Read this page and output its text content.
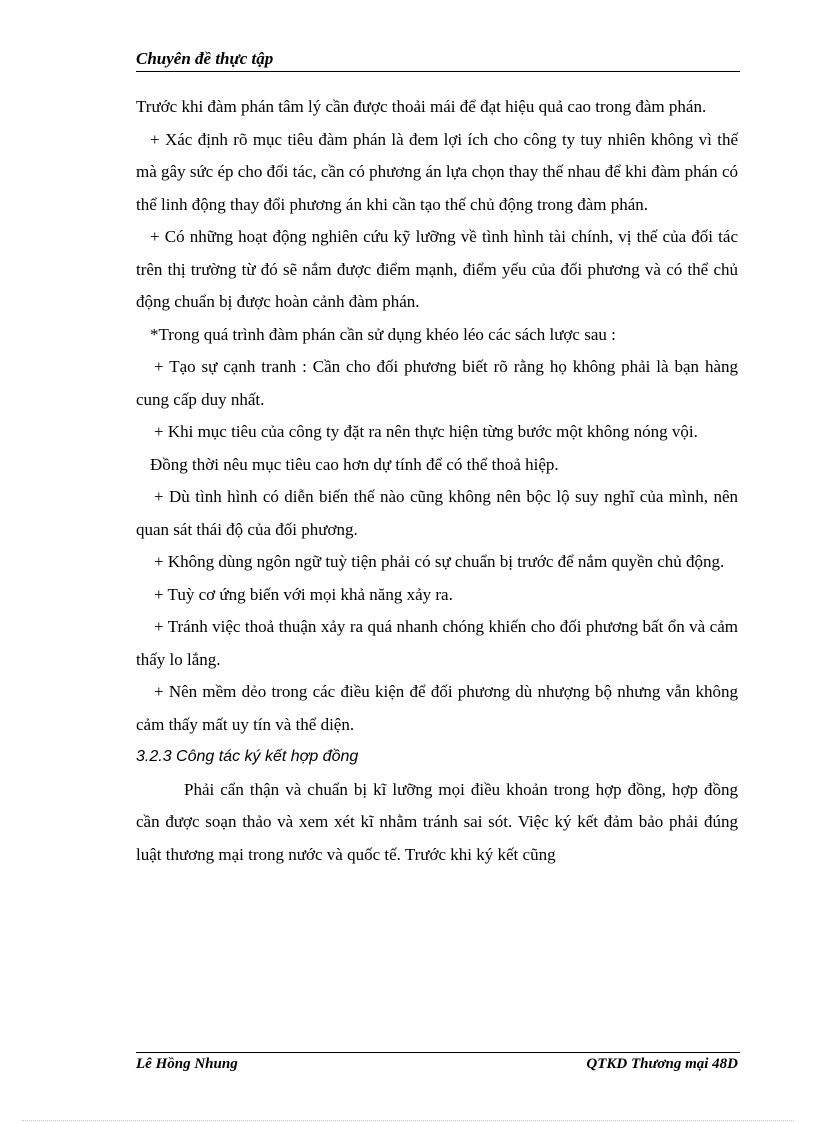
Chuyên đề thực tập

Trước khi đàm phán tâm lý cần được thoải mái để đạt hiệu quả cao trong đàm phán.

+ Xác định rõ mục tiêu đàm phán là đem lợi ích cho công ty tuy nhiên không vì thế mà gây sức ép cho đối tác, cần có phương án lựa chọn thay thế nhau để khi đàm phán có thể linh động thay đổi phương án khi cần tạo thế chủ động trong đàm phán.

+ Có những hoạt động nghiên cứu kỹ lưỡng về tình hình tài chính, vị thế của đối tác trên thị trường từ đó sẽ nắm được điểm mạnh, điểm yếu của đối phương và có thể chủ động chuẩn bị được hoàn cảnh đàm phán.

*Trong quá trình đàm phán cần sử dụng khéo léo các sách lược sau :

+ Tạo sự cạnh tranh : Cần cho đối phương biết rõ rằng họ không phải là bạn hàng cung cấp duy nhất.

+ Khi mục tiêu của công ty đặt ra nên thực hiện từng bước một không nóng vội.

Đồng thời nêu mục tiêu cao hơn dự tính để có thể thoả hiệp.

+ Dù tình hình có diễn biến thế nào cũng không nên bộc lộ suy nghĩ của mình, nên quan sát thái độ của đối phương.

+ Không dùng ngôn ngữ tuỳ tiện phải có sự chuẩn bị trước để nắm quyền chủ động.

+ Tuỳ cơ ứng biến với mọi khả năng xảy ra.

+ Tránh việc thoả thuận xảy ra quá nhanh chóng khiến cho đối phương bất ổn và cảm thấy lo lắng.

+ Nên mềm dẻo trong các điều kiện để đối phương dù nhượng bộ nhưng vẫn không cảm thấy mất uy tín và thể diện.

3.2.3 Công tác ký kết hợp đồng

Phải cẩn thận và chuẩn bị kĩ lưỡng mọi điều khoản trong hợp đồng, hợp đồng cần được soạn thảo và xem xét kĩ nhằm tránh sai sót. Việc ký kết đảm bảo phải đúng luật thương mại trong nước và quốc tế. Trước khi ký kết cũng

Lê Hồng Nhung	QTKD Thương mại 48D
